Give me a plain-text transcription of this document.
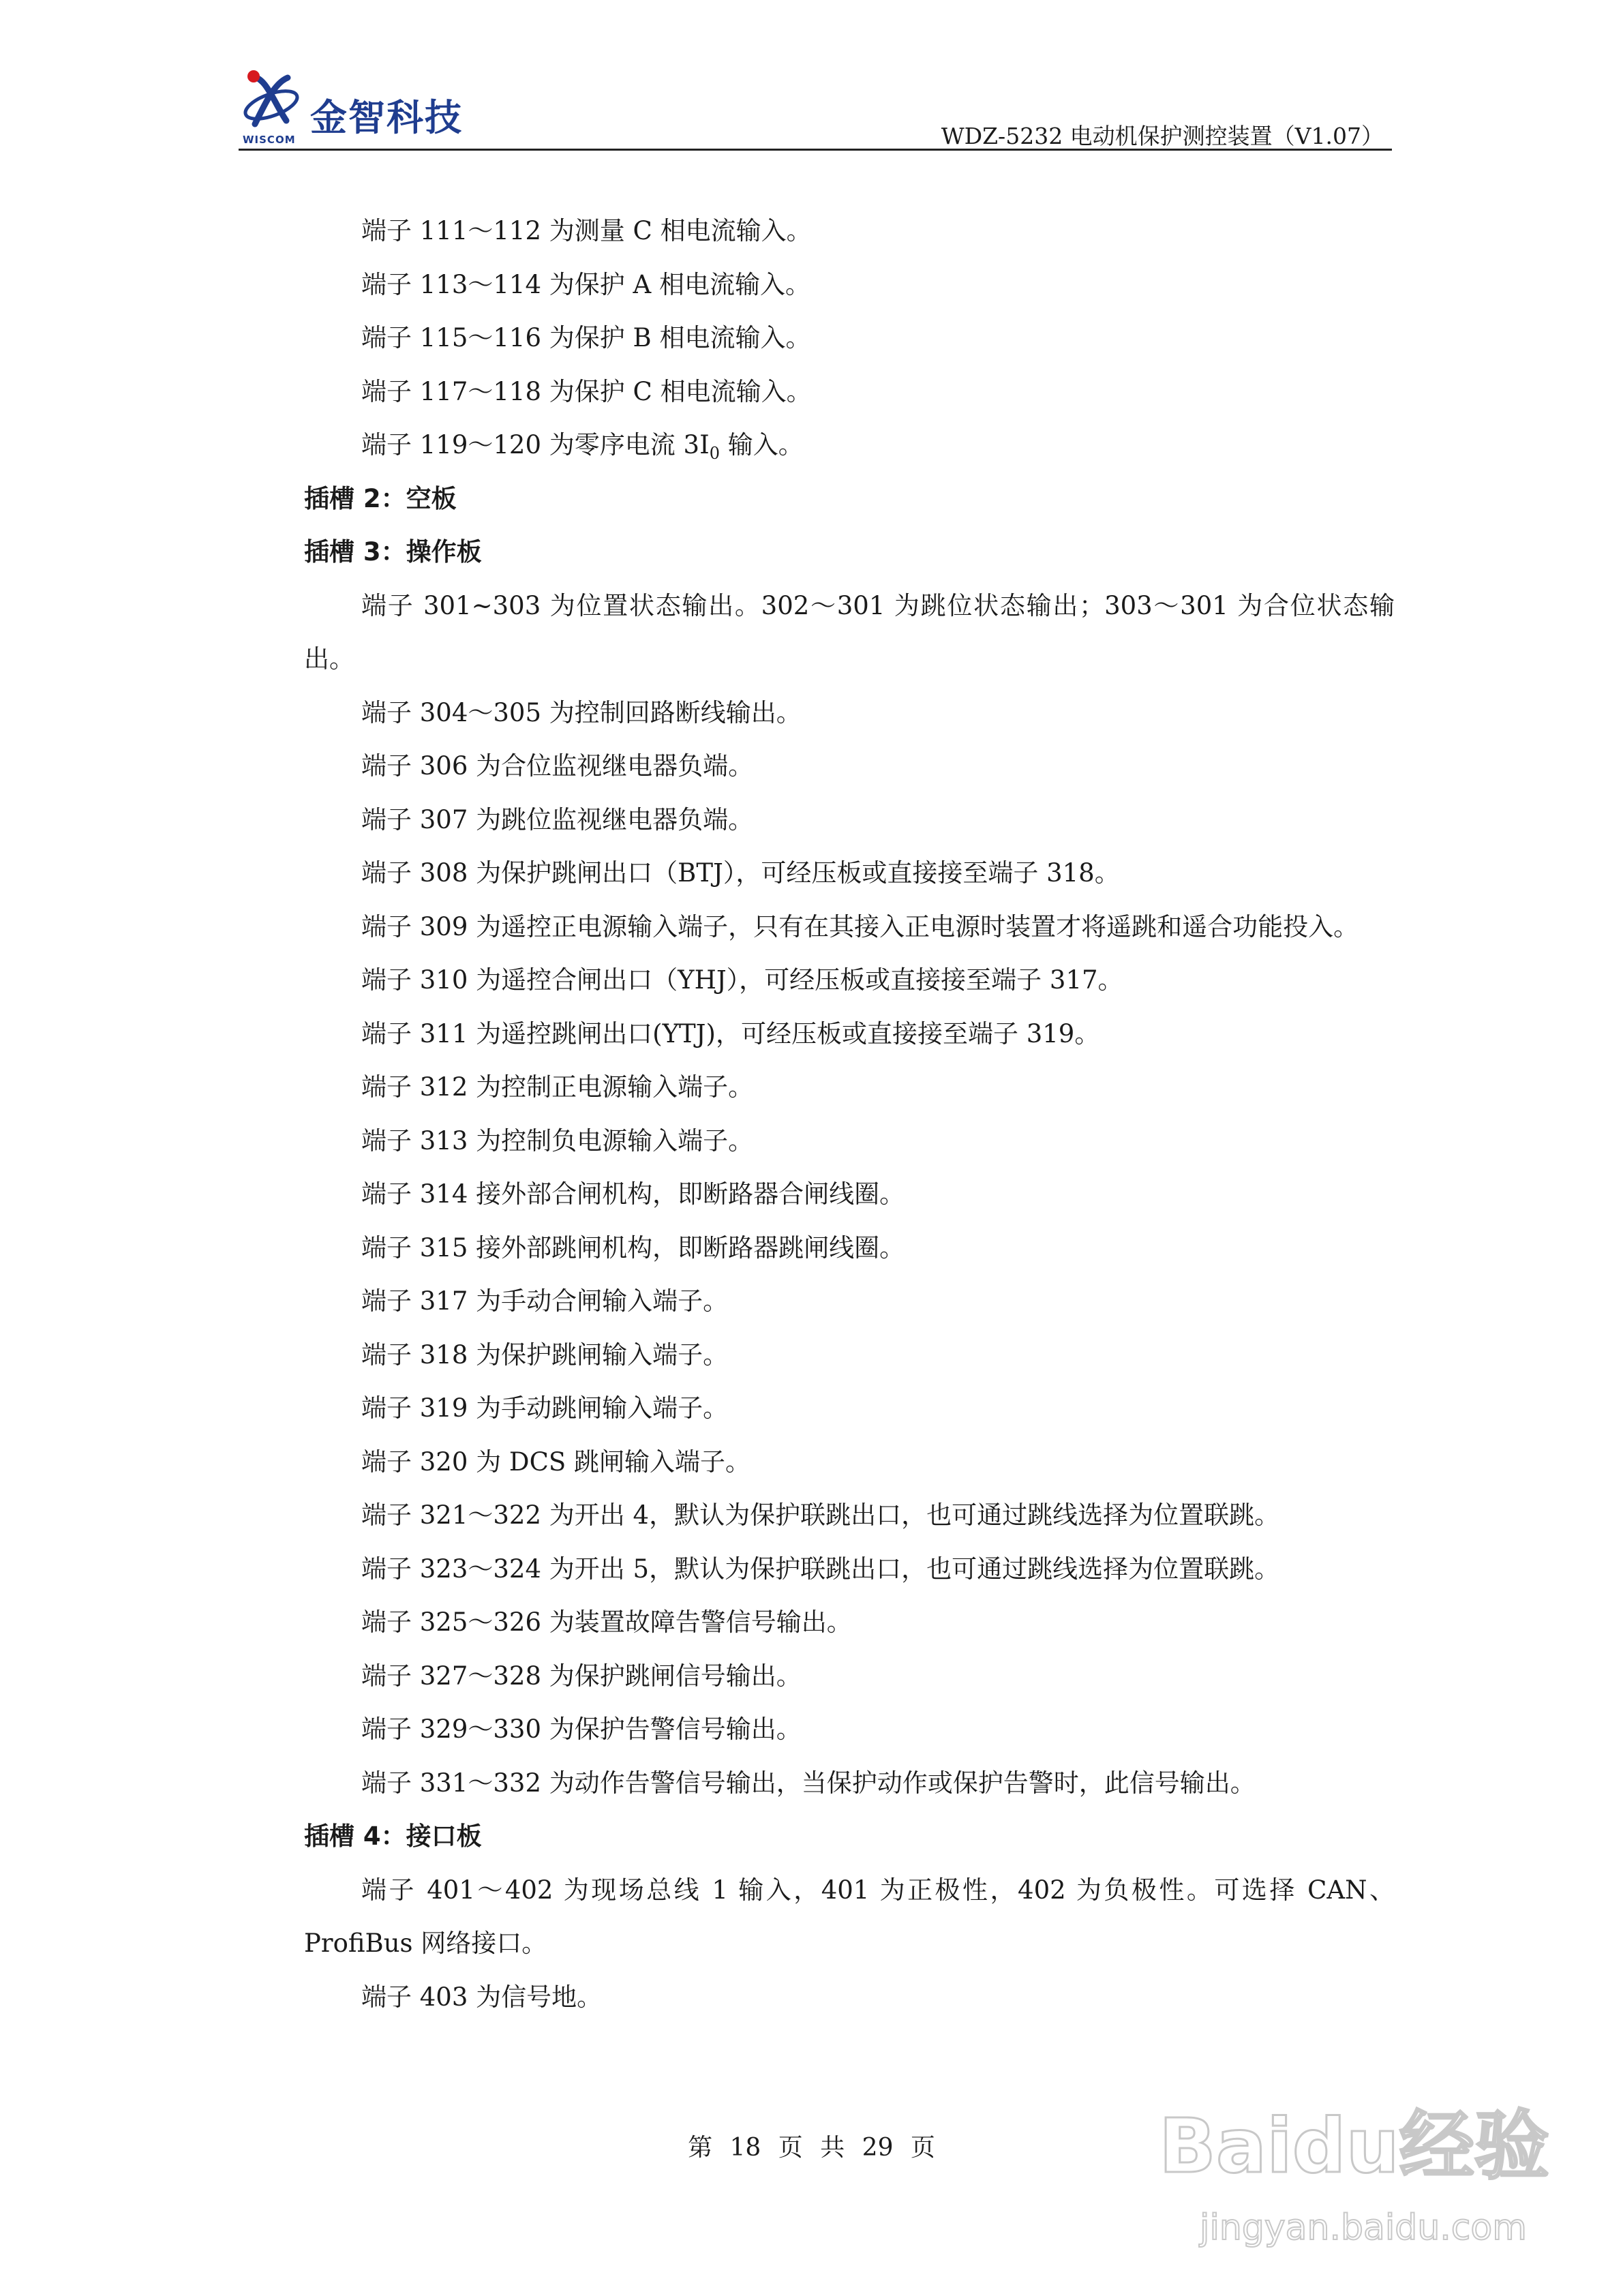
金智科技
WISCOM	WDZ-5232 电动机保护测控装置（V1.07）

端子 111～112 为测量 C 相电流输入。

端子 113～114 为保护 A 相电流输入。

端子 115～116 为保护 B 相电流输入。

端子 117～118 为保护 C 相电流输入。

端子 119～120 为零序电流 $3I_0$ 输入。

插槽 2：空板

插槽 3：操作板

端子 301~303 为位置状态输出。302～301 为跳位状态输出；303～301 为合位状态输出。

端子 304～305 为控制回路断线输出。

端子 306 为合位监视继电器负端。

端子 307 为跳位监视继电器负端。

端子 308 为保护跳闸出口（BTJ），可经压板或直接接至端子 318。

端子 309 为遥控正电源输入端子，只有在其接入正电源时装置才将遥跳和遥合功能投入。

端子 310 为遥控合闸出口（YHJ），可经压板或直接接至端子 317。

端子 311 为遥控跳闸出口(YTJ)，可经压板或直接接至端子 319。

端子 312 为控制正电源输入端子。

端子 313 为控制负电源输入端子。

端子 314 接外部合闸机构，即断路器合闸线圈。

端子 315 接外部跳闸机构，即断路器跳闸线圈。

端子 317 为手动合闸输入端子。

端子 318 为保护跳闸输入端子。

端子 319 为手动跳闸输入端子。

端子 320 为 DCS 跳闸输入端子。

端子 321～322 为开出 4，默认为保护联跳出口，也可通过跳线选择为位置联跳。

端子 323～324 为开出 5，默认为保护联跳出口，也可通过跳线选择为位置联跳。

端子 325～326 为装置故障告警信号输出。

端子 327～328 为保护跳闸信号输出。

端子 329～330 为保护告警信号输出。

端子 331～332 为动作告警信号输出，当保护动作或保护告警时，此信号输出。

插槽 4：接口板

端子 401～402 为现场总线 1 输入，401 为正极性，402 为负极性。可选择 CAN、ProfiBus 网络接口。

端子 403 为信号地。

第 18 页 共 29 页	Baidu经验
jingyan.baidu.com
